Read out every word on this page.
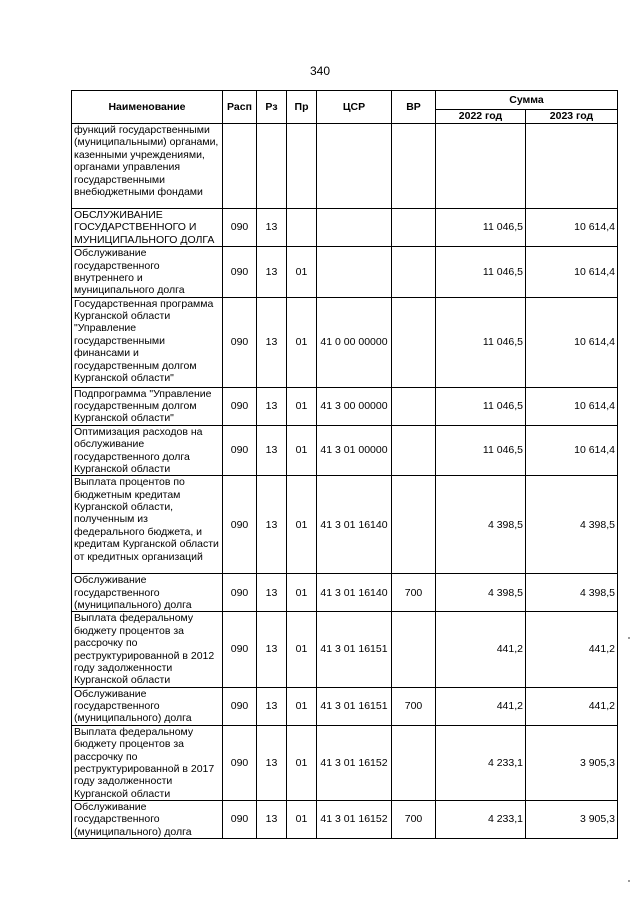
340
Наименование	Расп	Рз	Пр	ЦСР	ВР	Сумма	
						2022 год	2023 год
функций государственными (муниципальными) органами, казенными учреждениями, органами управления государственными внебюджетными фондами							
ОБСЛУЖИВАНИЕ ГОСУДАРСТВЕННОГО И МУНИЦИПАЛЬНОГО ДОЛГА	090	13				11 046,5	10 614,4
Обслуживание государственного внутреннего и муниципального долга	090	13	01			11 046,5	10 614,4
Государственная программа Курганской области "Управление государственными финансами и государственным долгом Курганской области"	090	13	01	41 0 00 00000		11 046,5	10 614,4
Подпрограмма "Управление государственным долгом Курганской области"	090	13	01	41 3 00 00000		11 046,5	10 614,4
Оптимизация расходов на обслуживание государственного долга Курганской области	090	13	01	41 3 01 00000		11 046,5	10 614,4
Выплата процентов по бюджетным кредитам Курганской области, полученным из федерального бюджета, и кредитам Курганской области от кредитных организаций	090	13	01	41 3 01 16140		4 398,5	4 398,5
Обслуживание государственного (муниципального) долга	090	13	01	41 3 01 16140	700	4 398,5	4 398,5
Выплата федеральному бюджету процентов за рассрочку по реструктурированной в 2012 году задолженности Курганской области	090	13	01	41 3 01 16151		441,2	441,2
Обслуживание государственного (муниципального) долга	090	13	01	41 3 01 16151	700	441,2	441,2
Выплата федеральному бюджету процентов за рассрочку по реструктурированной в 2017 году задолженности Курганской области	090	13	01	41 3 01 16152		4 233,1	3 905,3
Обслуживание государственного (муниципального) долга	090	13	01	41 3 01 16152	700	4 233,1	3 905,3
